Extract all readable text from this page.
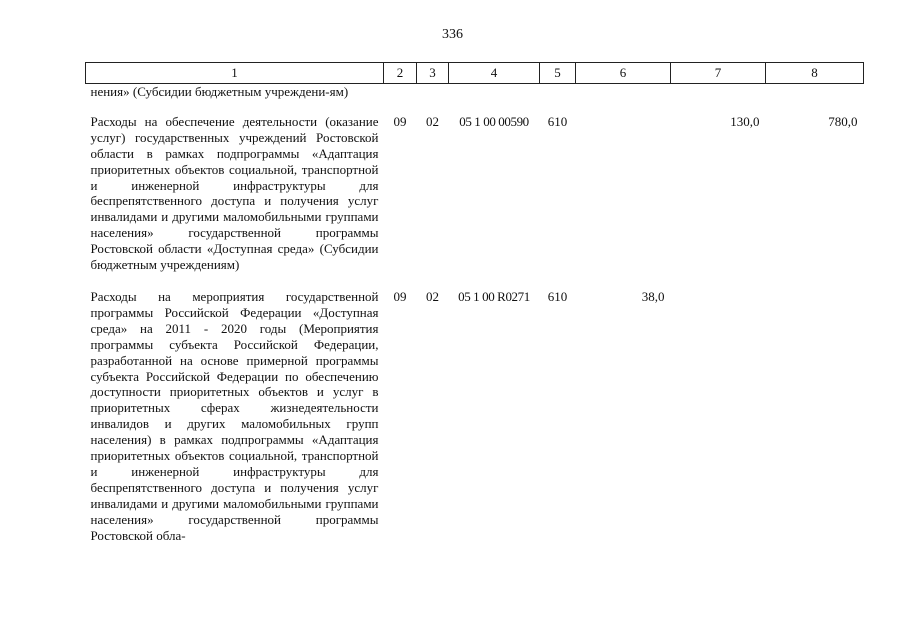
336
1	2	3	4	5	6	7	8
нения» (Субсидии бюджетным учреждени-ям)							
Расходы на обеспечение деятельности (оказание услуг) государственных учреждений Ростовской области в рамках подпрограммы «Адаптация приоритетных объектов социальной, транспортной и инженерной инфраструктуры для беспрепятственного доступа и получения услуг инвалидами и другими маломобильными группами населения» государственной программы Ростовской области «Доступная среда» (Субсидии бюджетным учреждениям)	09	02	05 1 00 00590	610		130,0	780,0
Расходы на мероприятия государственной программы Российской Федерации «Доступная среда» на 2011 - 2020 годы (Мероприятия программы субъекта Российской Федерации, разработанной на основе примерной программы субъекта Российской Федерации по обеспечению доступности приоритетных объектов и услуг в приоритетных сферах жизнедеятельности инвалидов и других маломобильных групп населения) в рамках подпрограммы «Адаптация приоритетных объектов социальной, транспортной и инженерной инфраструктуры для беспрепятственного доступа и получения услуг инвалидами и другими маломобильными группами населения» государственной программы Ростовской обла-	09	02	05 1 00 R0271	610	38,0		
